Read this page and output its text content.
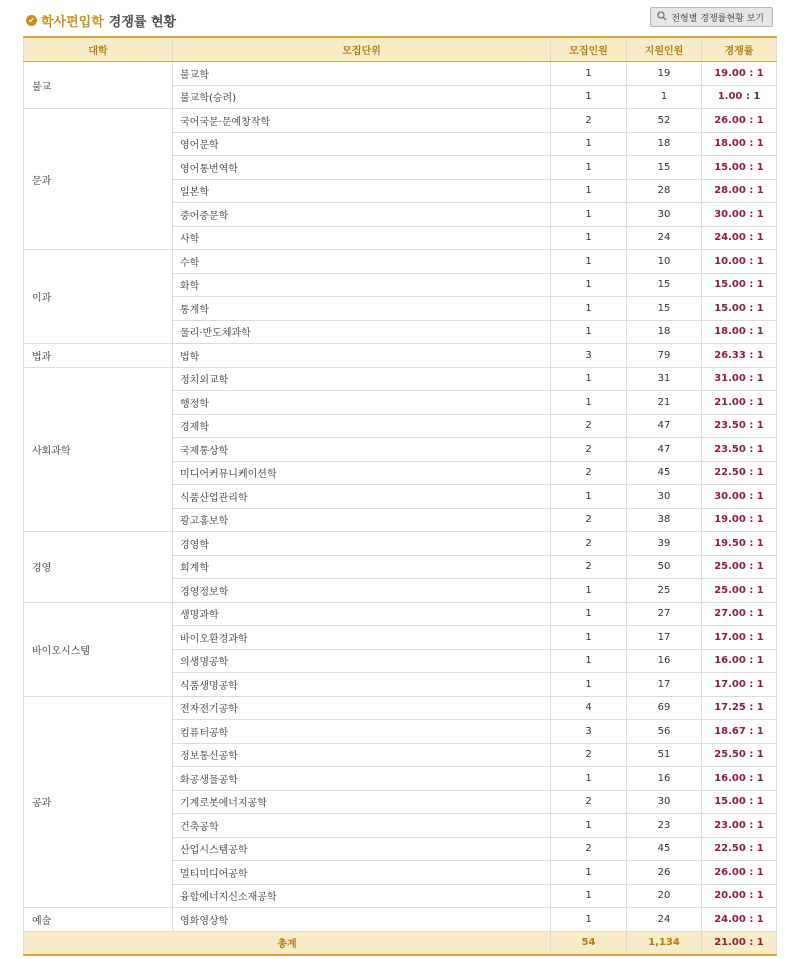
✔ 학사편입학 경쟁률 현황	전형별 경쟁률현황 보기
대학	모집단위	모집인원	지원인원	경쟁률
불교	불교학	1	19	19.00 : 1
	불교학(승려)	1	1	1.00 : 1
문과	국어국문·문예창작학	2	52	26.00 : 1
	영어문학	1	18	18.00 : 1
	영어통번역학	1	15	15.00 : 1
	일본학	1	28	28.00 : 1
	중어중문학	1	30	30.00 : 1
	사학	1	24	24.00 : 1
이과	수학	1	10	10.00 : 1
	화학	1	15	15.00 : 1
	통계학	1	15	15.00 : 1
	물리·반도체과학	1	18	18.00 : 1
법과	법학	3	79	26.33 : 1
사회과학	정치외교학	1	31	31.00 : 1
	행정학	1	21	21.00 : 1
	경제학	2	47	23.50 : 1
	국제통상학	2	47	23.50 : 1
	미디어커뮤니케이션학	2	45	22.50 : 1
	식품산업관리학	1	30	30.00 : 1
	광고홍보학	2	38	19.00 : 1
경영	경영학	2	39	19.50 : 1
	회계학	2	50	25.00 : 1
	경영정보학	1	25	25.00 : 1
바이오시스템	생명과학	1	27	27.00 : 1
	바이오환경과학	1	17	17.00 : 1
	의생명공학	1	16	16.00 : 1
	식품생명공학	1	17	17.00 : 1
공과	전자전기공학	4	69	17.25 : 1
	컴퓨터공학	3	56	18.67 : 1
	정보통신공학	2	51	25.50 : 1
	화공생물공학	1	16	16.00 : 1
	기계로봇에너지공학	2	30	15.00 : 1
	건축공학	1	23	23.00 : 1
	산업시스템공학	2	45	22.50 : 1
	멀티미디어공학	1	26	26.00 : 1
	융합에너지신소재공학	1	20	20.00 : 1
예술	영화영상학	1	24	24.00 : 1
총계		54	1,134	21.00 : 1
